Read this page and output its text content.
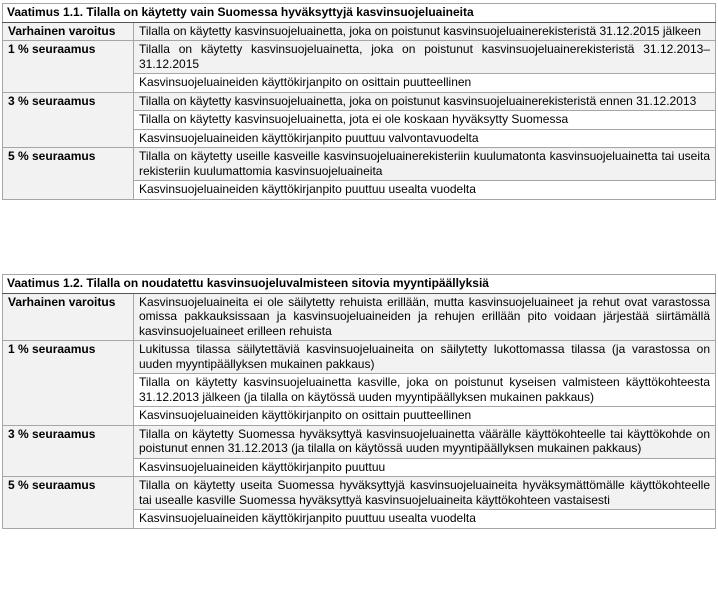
Vaatimus 1.1. Tilalla on käytetty vain Suomessa hyväksyttyjä kasvinsuojeluaineita	
Varhainen varoitus	Tilalla on käytetty kasvinsuojeluainetta, joka on poistunut kasvinsuojeluainerekisteristä 31.12.2015 jälkeen
1 % seuraamus	Tilalla on käytetty kasvinsuojeluainetta, joka on poistunut kasvinsuojeluainerekisteristä 31.12.2013–31.12.2015
	Kasvinsuojeluaineiden käyttökirjanpito on osittain puutteellinen
3 % seuraamus	Tilalla on käytetty kasvinsuojeluainetta, joka on poistunut kasvinsuojeluainerekisteristä ennen 31.12.2013
	Tilalla on käytetty kasvinsuojeluainetta, jota ei ole koskaan hyväksytty Suomessa
	Kasvinsuojeluaineiden käyttökirjanpito puuttuu valvontavuodelta
5 % seuraamus	Tilalla on käytetty useille kasveille kasvinsuojeluainerekisteriin kuulumatonta kasvinsuojeluainetta tai useita rekisteriin kuulumattomia kasvinsuojeluaineita
	Kasvinsuojeluaineiden käyttökirjanpito puuttuu usealta vuodelta
Vaatimus 1.2. Tilalla on noudatettu kasvinsuojeluvalmisteen sitovia myyntipäällyksiä	
Varhainen varoitus	Kasvinsuojeluaineita ei ole säilytetty rehuista erillään, mutta kasvinsuojeluaineet ja rehut ovat varastossa omissa pakkauksissaan ja kasvinsuojeluaineiden ja rehujen erillään pito voidaan järjestää siirtämällä kasvinsuojeluaineet erilleen rehuista
1 % seuraamus	Lukitussa tilassa säilytettäviä kasvinsuojeluaineita on säilytetty lukottomassa tilassa (ja varastossa on uuden myyntipäällyksen mukainen pakkaus)
	Tilalla on käytetty kasvinsuojeluainetta kasville, joka on poistunut kyseisen valmisteen käyttökohteesta 31.12.2013 jälkeen (ja tilalla on käytössä uuden myyntipäällyksen mukainen pakkaus)
	Kasvinsuojeluaineiden käyttökirjanpito on osittain puutteellinen
3 % seuraamus	Tilalla on käytetty Suomessa hyväksyttyä kasvinsuojeluainetta väärälle käyttökohteelle tai käyttökohde on poistunut ennen 31.12.2013 (ja tilalla on käytössä uuden myyntipäällyksen mukainen pakkaus)
	Kasvinsuojeluaineiden käyttökirjanpito puuttuu
5 % seuraamus	Tilalla on käytetty useita Suomessa hyväksyttyjä kasvinsuojeluaineita hyväksymättömälle käyttökohteelle tai usealle kasville Suomessa hyväksyttyä kasvinsuojeluaineita käyttökohteen vastaisesti
	Kasvinsuojeluaineiden käyttökirjanpito puuttuu usealta vuodelta
